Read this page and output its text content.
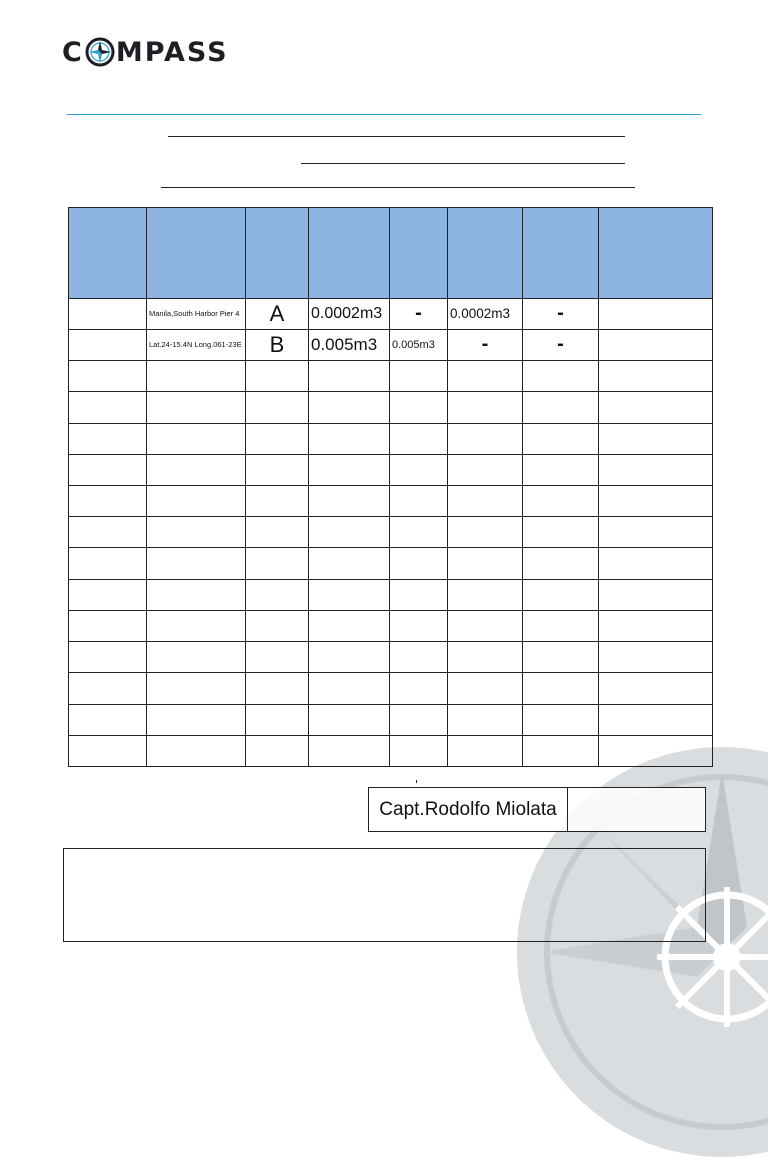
C MPASS

	Manila,South Harbor Pier 4	A	0.0002m3	-	0.0002m3	-	
	Lat.24-15.4N Long.061-23E	B	0.005m3	0.005m3	-	-	

Capt.Rodolfo Miolata
